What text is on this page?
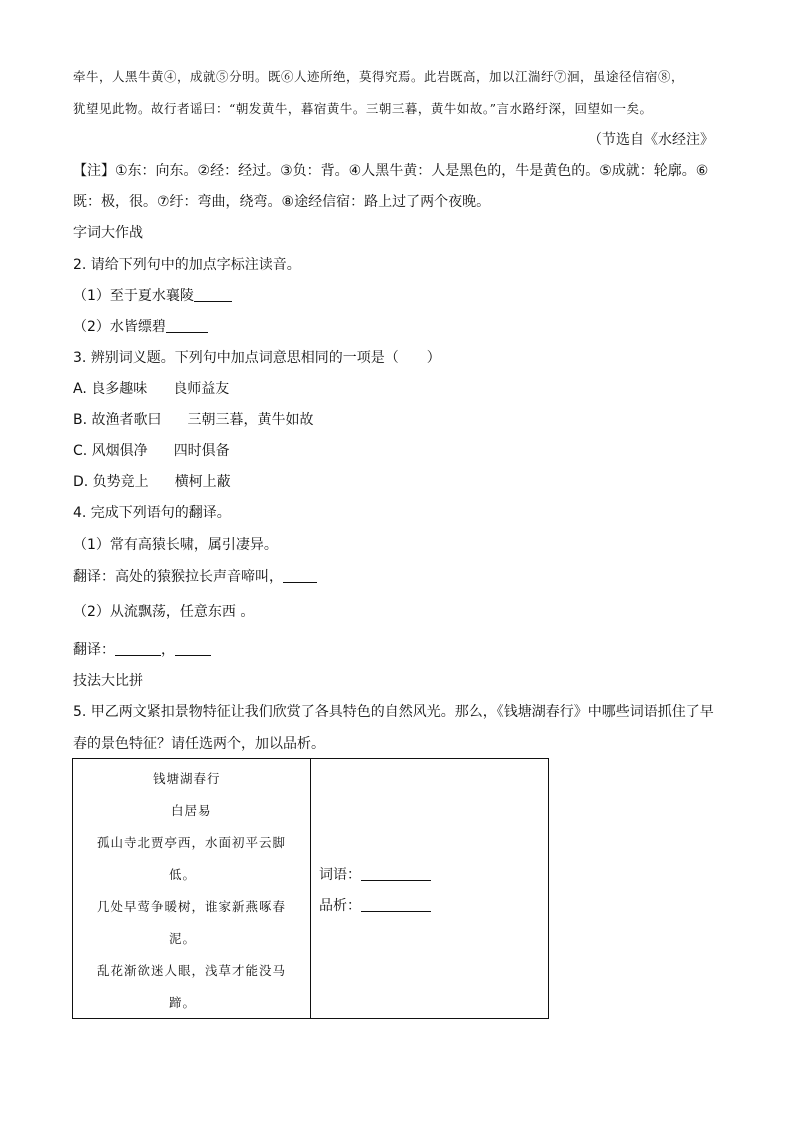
牵牛，人黑牛黄④，成就⑤分明。既⑥人迹所绝，莫得究焉。此岩既高，加以江湍纡⑦洄，虽途径信宿⑧，
犹望见此物。故行者谣曰：“朝发黄牛，暮宿黄牛。三朝三暮，黄牛如故。”言水路纡深，回望如一矣。
（节选自《水经注》
【注】①东：向东。②经：经过。③负：背。④人黑牛黄：人是黑色的，牛是黄色的。⑤成就：轮廓。⑥
既：极，很。⑦纡：弯曲，绕弯。⑧途经信宿：路上过了两个夜晚。
字词大作战
2. 请给下列句中的加点字标注读音。
（1）至于夏水襄陵
（2）水皆缥碧
3. 辨别词义题。下列句中加点词意思相同的一项是（　　）
A. 良多趣味 良师益友
B. 故渔者歌曰 三朝三暮，黄牛如故
C. 风烟俱净 四时俱备
D. 负势竞上 横柯上蔽
4. 完成下列语句的翻译。
（1）常有高猿长啸，属引凄异。
翻译：高处的猿猴拉长声音啼叫，
（2）从流飘荡，任意东西 。
翻译：	，
技法大比拼
5. 甲乙两文紧扣景物特征让我们欣赏了各具特色的自然风光。那么，《钱塘湖春行》中哪些词语抓住了早
春的景色特征？请任选两个，加以品析。
钱塘湖春行
白居易
孤山寺北贾亭西，水面初平云脚
低。
几处早莺争暖树，谁家新燕啄春
泥。
乱花渐欲迷人眼，浅草才能没马
蹄。

词语：
品析：
